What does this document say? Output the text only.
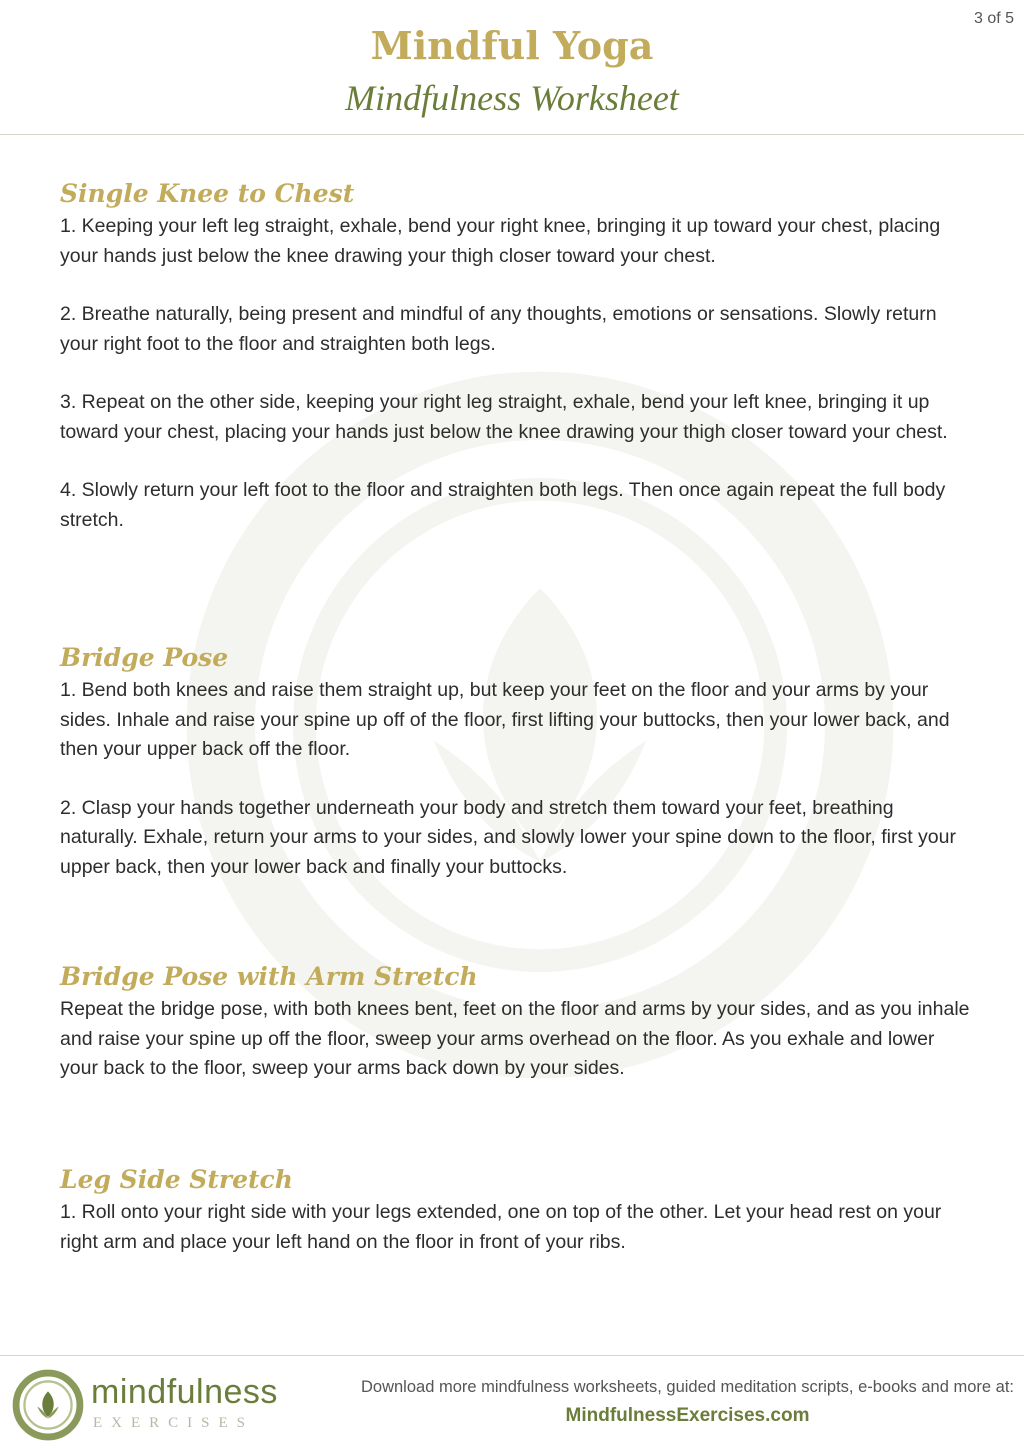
3 of 5
Mindful Yoga
Mindfulness Worksheet
Single Knee to Chest

1. Keeping your left leg straight, exhale, bend your right knee, bringing it up toward your chest, placing your hands just below the knee drawing your thigh closer toward your chest.

2. Breathe naturally, being present and mindful of any thoughts, emotions or sensations. Slowly return your right foot to the floor and straighten both legs.

3. Repeat on the other side, keeping your right leg straight, exhale, bend your left knee, bringing it up toward your chest, placing your hands just below the knee drawing your thigh closer toward your chest.

4. Slowly return your left foot to the floor and straighten both legs. Then once again repeat the full body stretch.

Bridge Pose

1. Bend both knees and raise them straight up, but keep your feet on the floor and your arms by your sides. Inhale and raise your spine up off of the floor, first lifting your buttocks, then your lower back, and then your upper back off the floor.

2. Clasp your hands together underneath your body and stretch them toward your feet, breathing naturally. Exhale, return your arms to your sides, and slowly lower your spine down to the floor, first your upper back, then your lower back and finally your buttocks.

Bridge Pose with Arm Stretch

Repeat the bridge pose, with both knees bent, feet on the floor and arms by your sides, and as you inhale and raise your spine up off the floor, sweep your arms overhead on the floor. As you exhale and lower your back to the floor, sweep your arms back down by your sides.

Leg Side Stretch

1. Roll onto your right side with your legs extended, one on top of the other. Let your head rest on your right arm and place your left hand on the floor in front of your ribs.

mindfulness
EXERCISES
Download more mindfulness worksheets, guided meditation scripts, e-books and more at:
MindfulnessExercises.com
